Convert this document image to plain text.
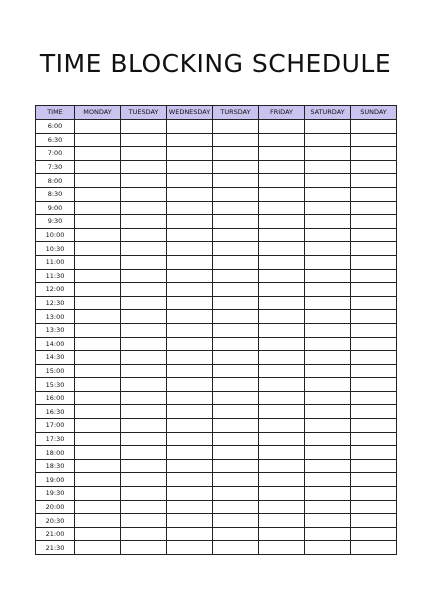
TIME BLOCKING SCHEDULE
TIME	MONDAY	TUESDAY	WEDNESDAY	TURSDAY	FRIDAY	SATURDAY	SUNDAY
6:00							
6:30							
7:00							
7:30							
8:00							
8:30							
9:00							
9:30							
10:00							
10:30							
11:00							
11:30							
12:00							
12:30							
13:00							
13:30							
14:00							
14:30							
15:00							
15:30							
16:00							
16:30							
17:00							
17:30							
18:00							
18:30							
19:00							
19:30							
20:00							
20:30							
21:00							
21:30							
